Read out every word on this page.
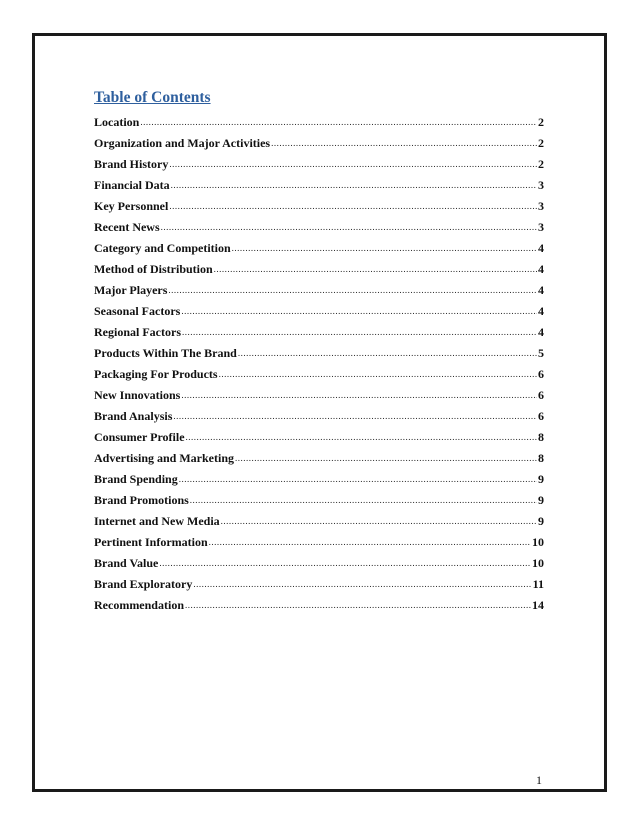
Table of Contents
Location .....	2
Organization and Major Activities .....	2
Brand History .....	2
Financial Data .....	3
Key Personnel .....	3
Recent News .....	3
Category and Competition .....	4
Method of Distribution .....	4
Major Players .....	4
Seasonal Factors .....	4
Regional Factors .....	4
Products Within The Brand .....	5
Packaging For Products .....	6
New Innovations .....	6
Brand Analysis .....	6
Consumer Profile .....	8
Advertising and Marketing .....	8
Brand Spending .....	9
Brand Promotions .....	9
Internet and New Media .....	9
Pertinent Information .....	10
Brand Value .....	10
Brand Exploratory .....	11
Recommendation .....	14
1
